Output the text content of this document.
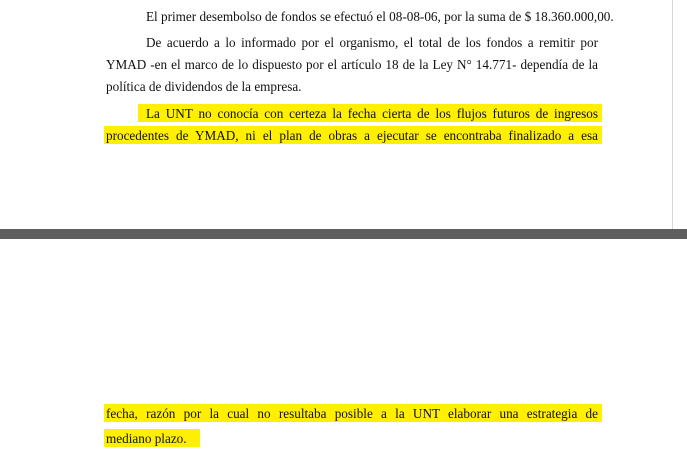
El primer desembolso de fondos se efectuó el 08-08-06, por la suma de $ 18.360.000,00.
De acuerdo a lo informado por el organismo, el total de los fondos a remitir por
YMAD -en el marco de lo dispuesto por el artículo 18 de la Ley N° 14.771- dependía de la
política de dividendos de la empresa.
La UNT no conocía con certeza la fecha cierta de los flujos futuros de ingresos
procedentes de YMAD, ni el plan de obras a ejecutar se encontraba finalizado a esa
fecha, razón por la cual no resultaba posible a la UNT elaborar una estrategia de
mediano plazo.
